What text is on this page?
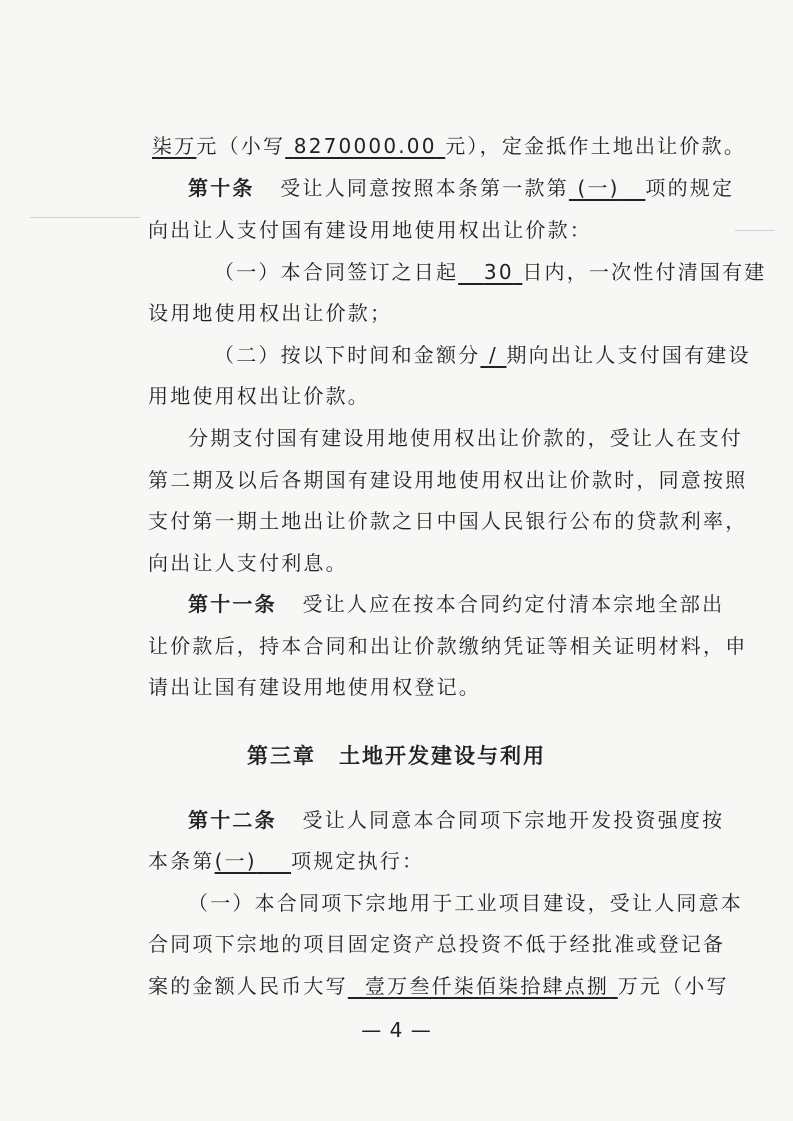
柒万元（小写 8270000.00 元），定金抵作土地出让价款。
第十条 受让人同意按照本条第一款第 (一) 项的规定
向出让人支付国有建设用地使用权出让价款：
（一）本合同签订之日起 30 日内，一次性付清国有建
设用地使用权出让价款；
（二）按以下时间和金额分 / 期向出让人支付国有建设
用地使用权出让价款。
分期支付国有建设用地使用权出让价款的，受让人在支付
第二期及以后各期国有建设用地使用权出让价款时，同意按照
支付第一期土地出让价款之日中国人民银行公布的贷款利率，
向出让人支付利息。
第十一条 受让人应在按本合同约定付清本宗地全部出
让价款后，持本合同和出让价款缴纳凭证等相关证明材料，申
请出让国有建设用地使用权登记。
第三章　土地开发建设与利用
第十二条 受让人同意本合同项下宗地开发投资强度按
本条第(一) 项规定执行：
（一）本合同项下宗地用于工业项目建设，受让人同意本
合同项下宗地的项目固定资产总投资不低于经批准或登记备
案的金额人民币大写 壹万叁仟柒佰柒拾肆点捌 万元（小写
— 4 —
